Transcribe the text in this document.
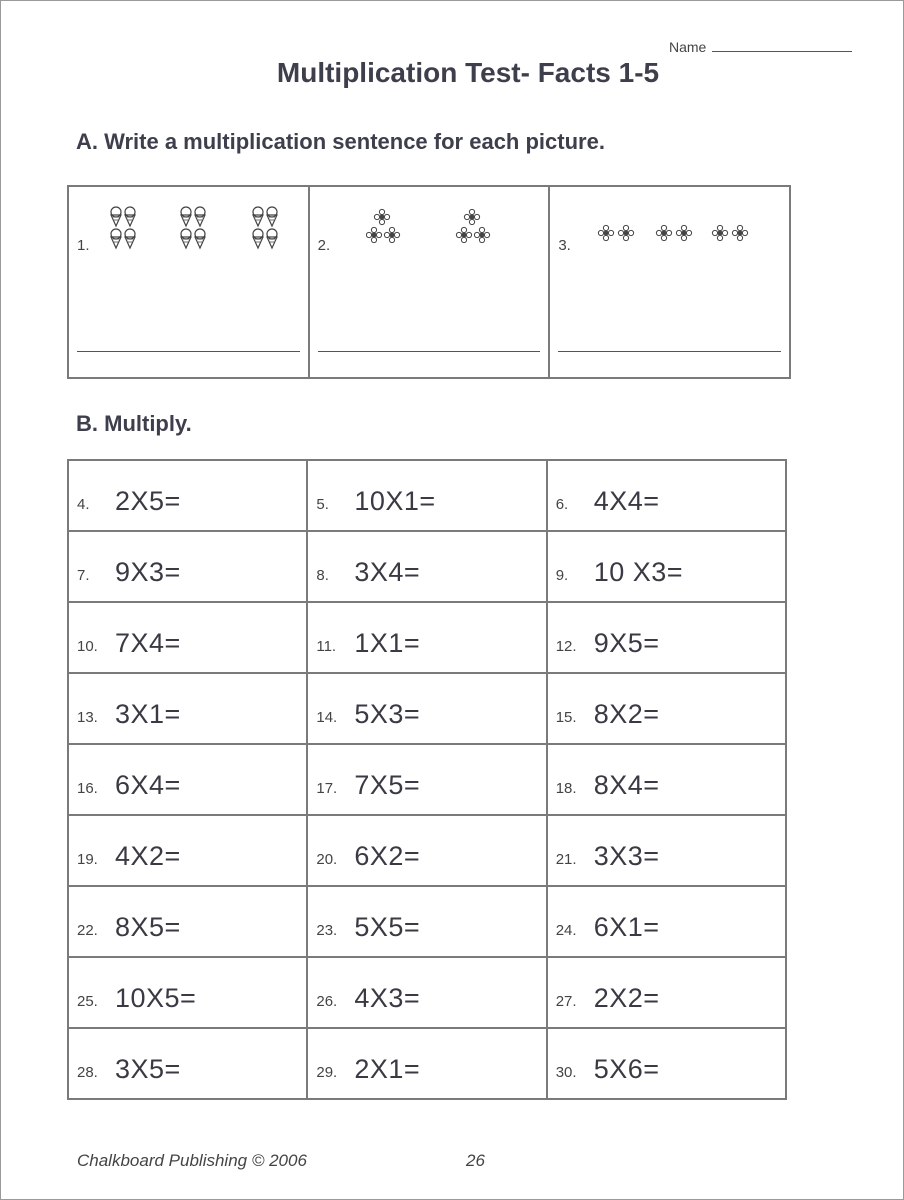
Name
Multiplication Test- Facts 1-5
A. Write a multiplication sentence for each picture.
1.	2.	3.
B. Multiply.
4. 2X5=	5. 10X1=	6. 4X4=

7. 9X3=	8. 3X4=	9. 10 X3=

10. 7X4=	11. 1X1=	12. 9X5=

13. 3X1=	14. 5X3=	15. 8X2=

16. 6X4=	17. 7X5=	18. 8X4=

19. 4X2=	20. 6X2=	21. 3X3=

22. 8X5=	23. 5X5=	24. 6X1=

25. 10X5=	26. 4X3=	27. 2X2=

28. 3X5=	29. 2X1=	30. 5X6=
Chalkboard Publishing © 2006	26
